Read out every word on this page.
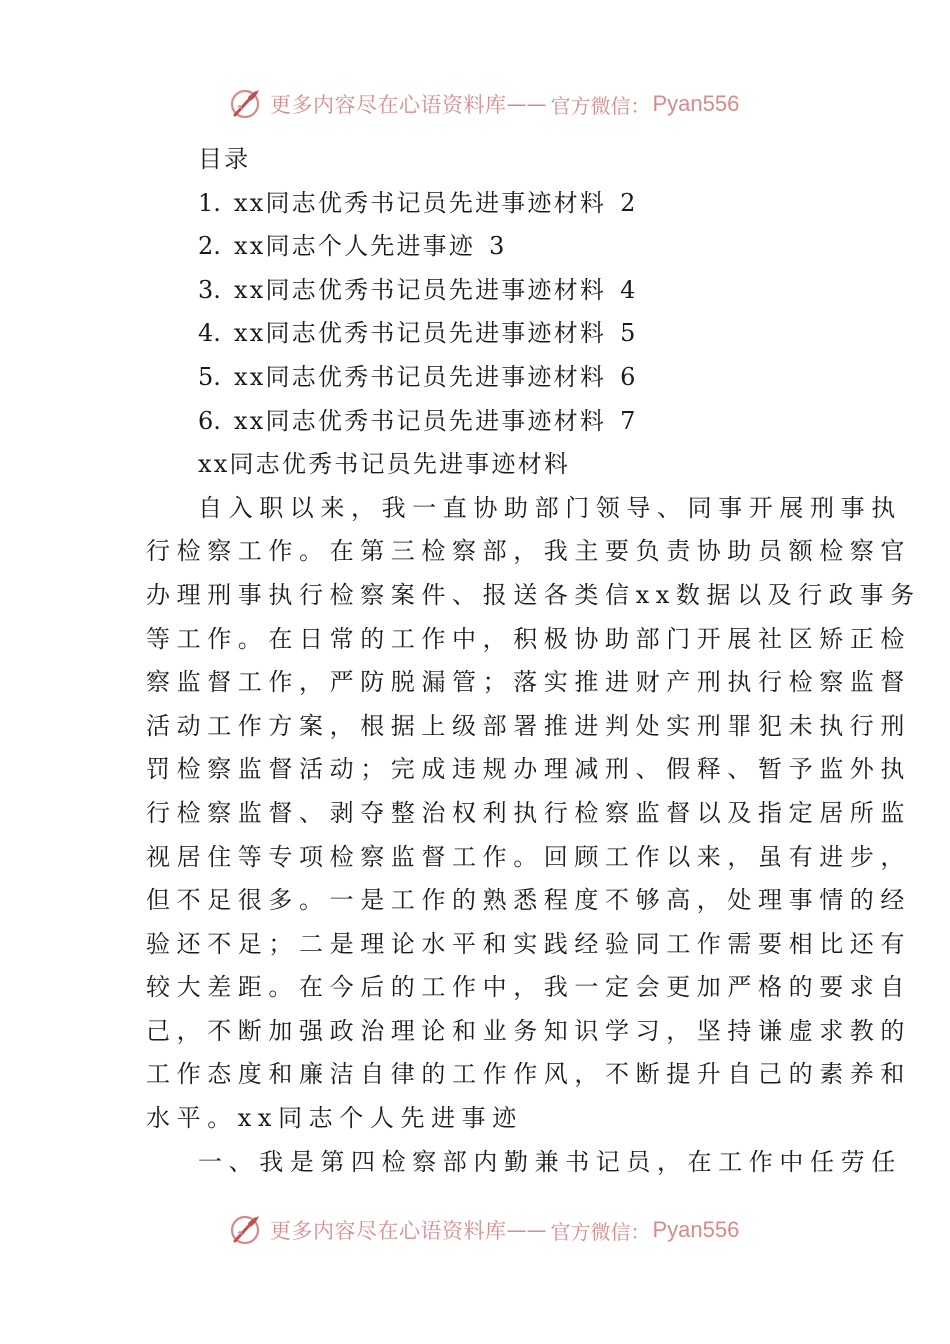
更多内容尽在心语资料库 —— 官方微信： Pyan556
目录
1. xx同志优秀书记员先进事迹材料 2
2. xx同志个人先进事迹 3
3. xx同志优秀书记员先进事迹材料 4
4. xx同志优秀书记员先进事迹材料 5
5. xx同志优秀书记员先进事迹材料 6
6. xx同志优秀书记员先进事迹材料 7
xx同志优秀书记员先进事迹材料
自入职以来，我一直协助部门领导、同事开展刑事执
行检察工作。在第三检察部，我主要负责协助员额检察官
办理刑事执行检察案件、报送各类信xx数据以及行政事务
等工作。在日常的工作中，积极协助部门开展社区矫正检
察监督工作，严防脱漏管；落实推进财产刑执行检察监督
活动工作方案，根据上级部署推进判处实刑罪犯未执行刑
罚检察监督活动；完成违规办理减刑、假释、暂予监外执
行检察监督、剥夺整治权利执行检察监督以及指定居所监
视居住等专项检察监督工作。回顾工作以来，虽有进步，
但不足很多。一是工作的熟悉程度不够高，处理事情的经
验还不足；二是理论水平和实践经验同工作需要相比还有
较大差距。在今后的工作中，我一定会更加严格的要求自
己，不断加强政治理论和业务知识学习，坚持谦虚求教的
工作态度和廉洁自律的工作作风，不断提升自己的素养和
水平。xx同志个人先进事迹
一、我是第四检察部内勤兼书记员，在工作中任劳任
更多内容尽在心语资料库 —— 官方微信： Pyan556
